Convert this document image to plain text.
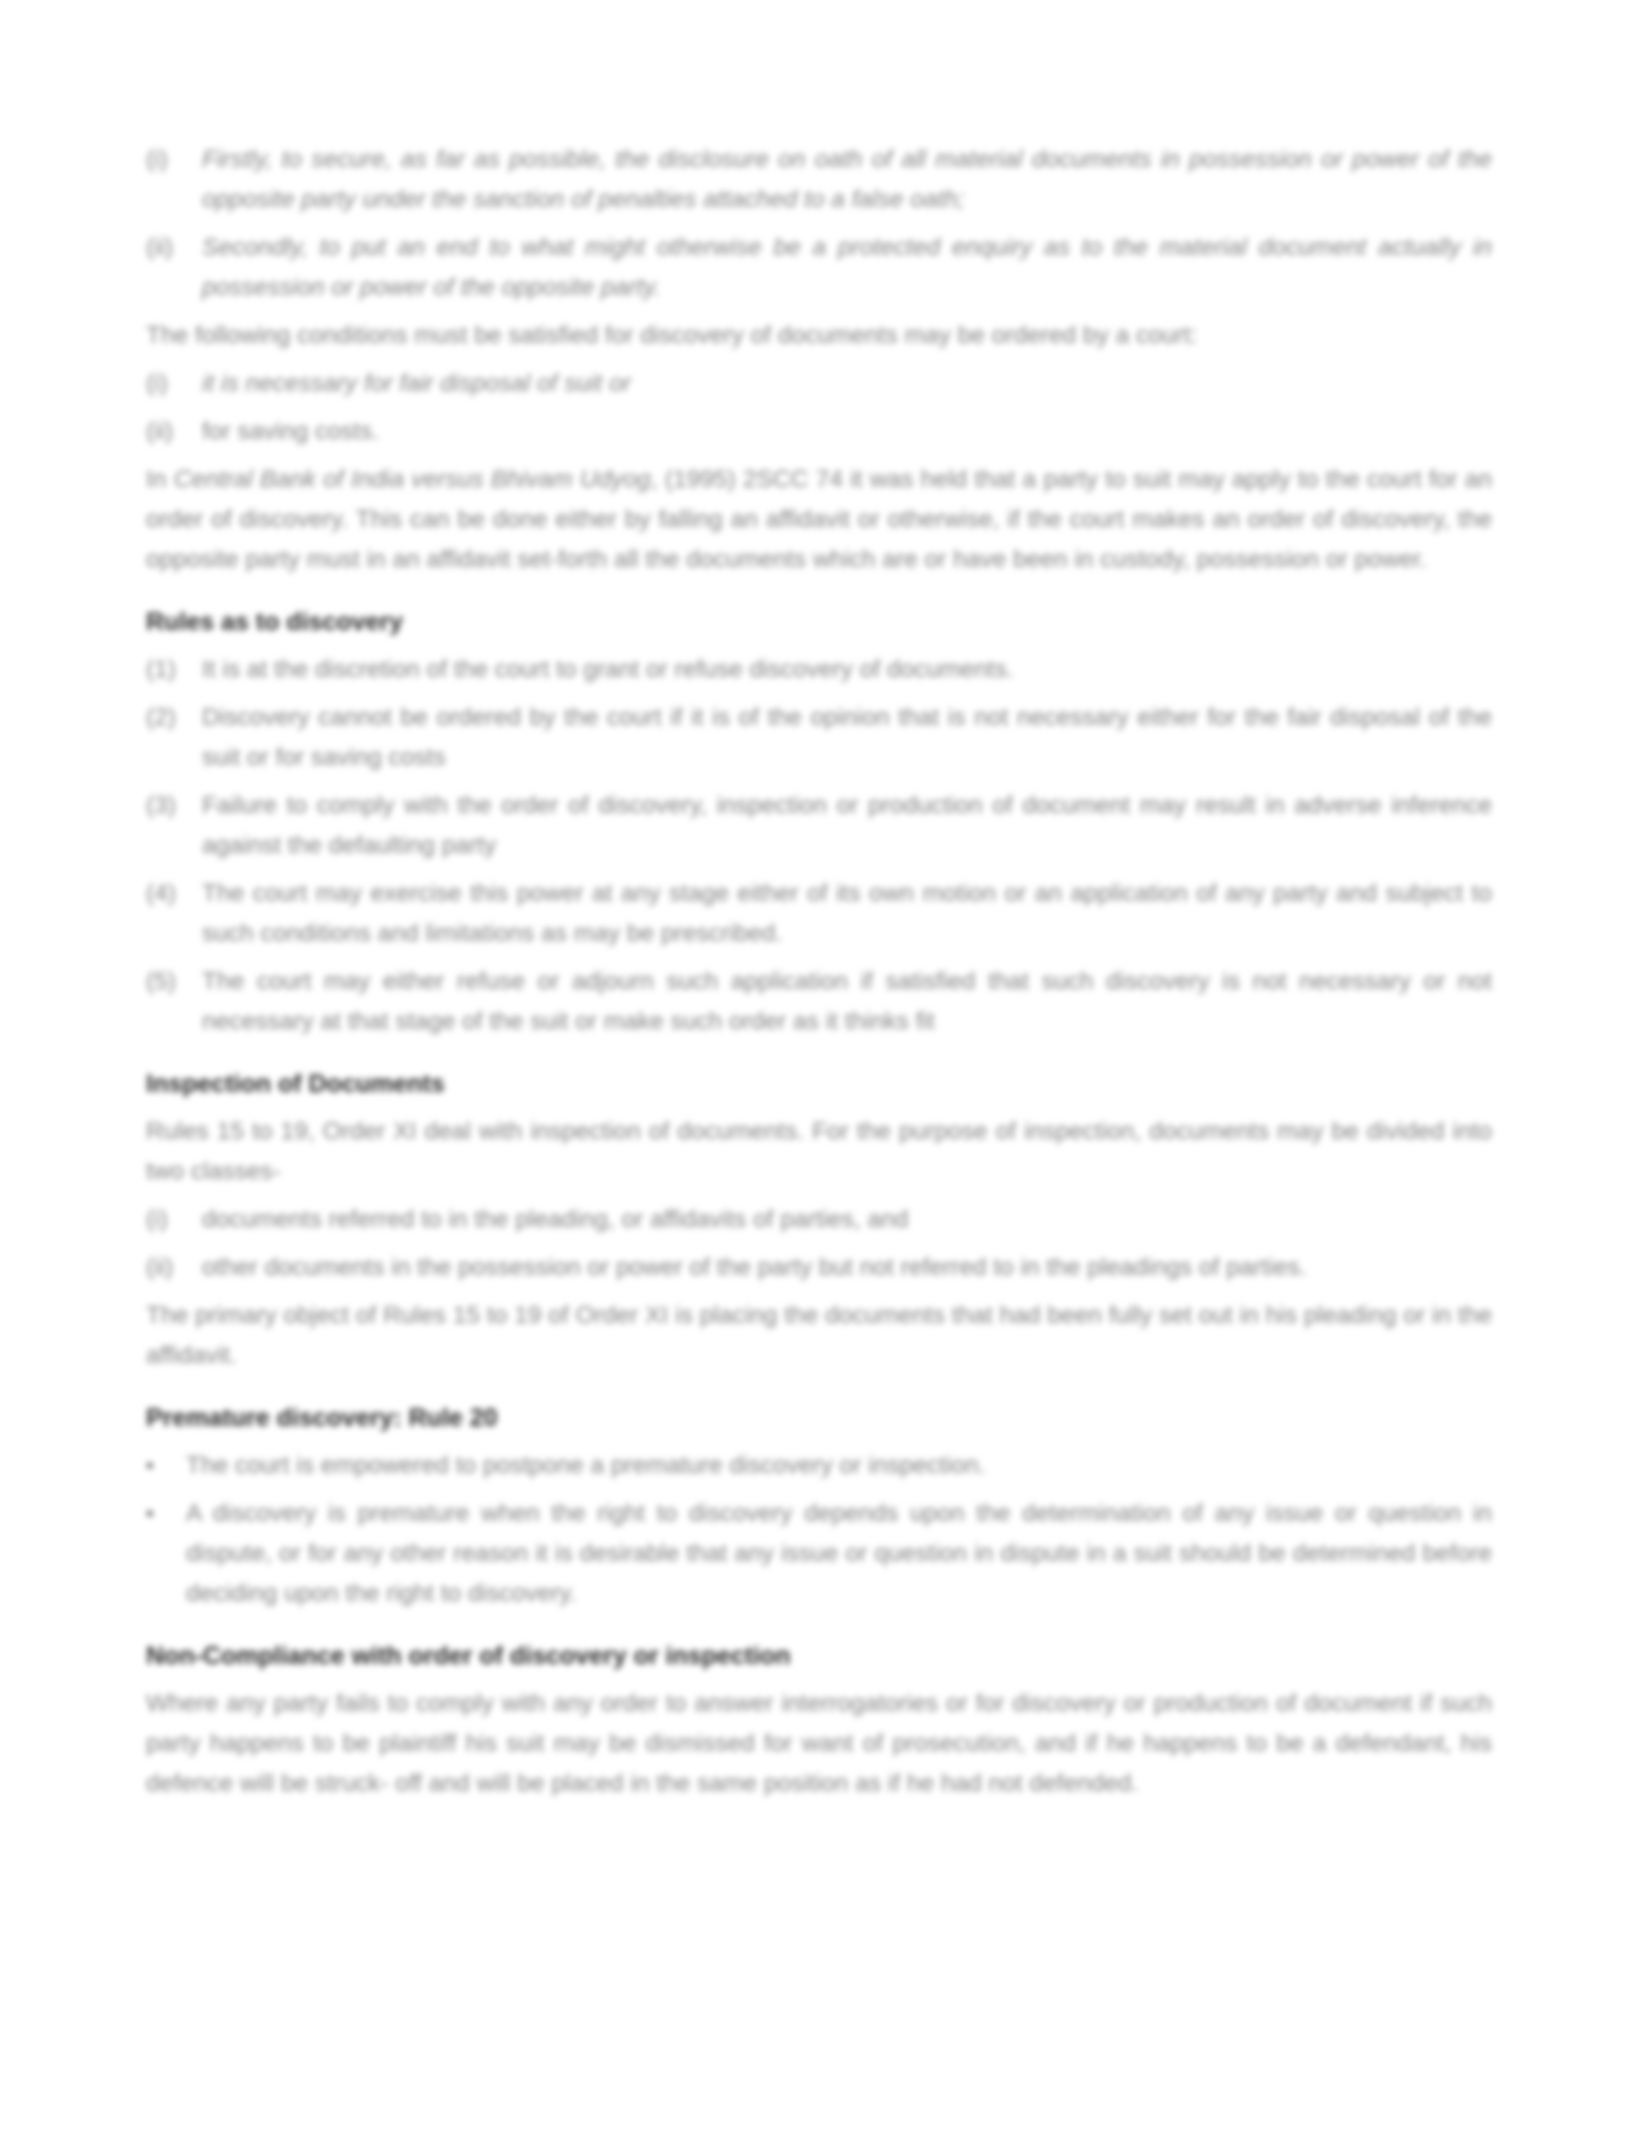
(i)	Firstly, to secure, as far as possible, the disclosure on oath of all material documents in possession or power of the opposite party under the sanction of penalties attached to a false oath;
(ii)	Secondly, to put an end to what might otherwise be a protected enquiry as to the material document actually in possession or power of the opposite party.

The following conditions must be satisfied for discovery of documents may be ordered by a court:

(i)	it is necessary for fair disposal of suit or
(ii)	for saving costs.

In Central Bank of India versus Bhivam Udyog, (1995) 2SCC 74 it was held that a party to suit may apply to the court for an order of discovery. This can be done either by falling an affidavit or otherwise, if the court makes an order of discovery, the opposite party must in an affidavit set-forth all the documents which are or have been in custody, possession or power.

Rules as to discovery
(1)	It is at the discretion of the court to grant or refuse discovery of documents.
(2)	Discovery cannot be ordered by the court if it is of the opinion that is not necessary either for the fair disposal of the suit or for saving costs
(3)	Failure to comply with the order of discovery, inspection or production of document may result in adverse inference against the defaulting party
(4)	The court may exercise this power at any stage either of its own motion or an application of any party and subject to such conditions and limitations as may be prescribed.
(5)	The court may either refuse or adjourn such application if satisfied that such discovery is not necessary or not necessary at that stage of the suit or make such order as it thinks fit
Inspection of Documents

Rules 15 to 19, Order XI deal with inspection of documents. For the purpose of inspection, documents may be divided into two classes-

(i)	documents referred to in the pleading, or affidavits of parties, and
(ii)	other documents in the possession or power of the party but not referred to in the pleadings of parties.

The primary object of Rules 15 to 19 of Order XI is placing the documents that had been fully set out in his pleading or in the affidavit.

Premature discovery: Rule 20
•	The court is empowered to postpone a premature discovery or inspection.
•	A discovery is premature when the right to discovery depends upon the determination of any issue or question in dispute, or for any other reason it is desirable that any issue or question in dispute in a suit should be determined before deciding upon the right to discovery.
Non-Compliance with order of discovery or inspection

Where any party fails to comply with any order to answer interrogatories or for discovery or production of document if such party happens to be plaintiff his suit may be dismissed for want of prosecution, and if he happens to be a defendant, his defence will be struck- off and will be placed in the same position as if he had not defended.
